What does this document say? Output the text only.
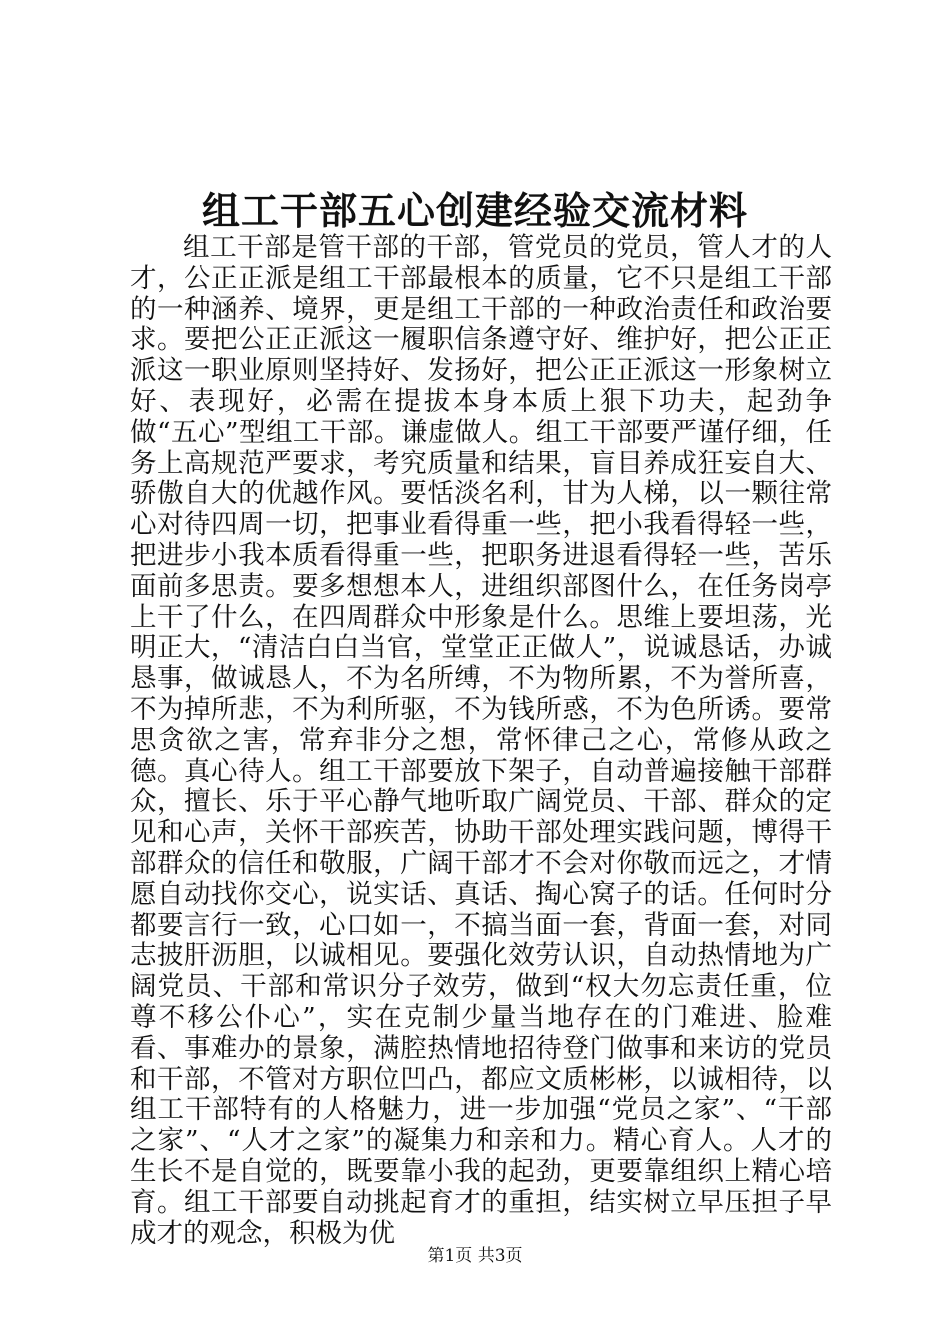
组工干部五心创建经验交流材料

组工干部是管干部的干部，管党员的党员，管人才的人才，公正正派是组工干部最根本的质量，它不只是组工干部的一种涵养、境界，更是组工干部的一种政治责任和政治要求。要把公正正派这一履职信条遵守好、维护好，把公正正派这一职业原则坚持好、发扬好，把公正正派这一形象树立好、表现好，必需在提拔本身本质上狠下功夫，起劲争做“五心”型组工干部。谦虚做人。组工干部要严谨仔细，任务上高规范严要求，考究质量和结果，盲目养成狂妄自大、骄傲自大的优越作风。要恬淡名利，甘为人梯，以一颗往常心对待四周一切，把事业看得重一些，把小我看得轻一些，把进步小我本质看得重一些，把职务进退看得轻一些，苦乐面前多思责。要多想想本人，进组织部图什么，在任务岗亭上干了什么，在四周群众中形象是什么。思维上要坦荡，光明正大，“清洁白白当官，堂堂正正做人”，说诚恳话，办诚恳事，做诚恳人，不为名所缚，不为物所累，不为誉所喜，不为掉所悲，不为利所驱，不为钱所惑，不为色所诱。要常思贪欲之害，常弃非分之想，常怀律己之心，常修从政之德。真心待人。组工干部要放下架子，自动普遍接触干部群众，擅长、乐于平心静气地听取广阔党员、干部、群众的定见和心声，关怀干部疾苦，协助干部处理实践问题，博得干部群众的信任和敬服，广阔干部才不会对你敬而远之，才情愿自动找你交心，说实话、真话、掏心窝子的话。任何时分都要言行一致，心口如一，不搞当面一套，背面一套，对同志披肝沥胆，以诚相见。要强化效劳认识，自动热情地为广阔党员、干部和常识分子效劳，做到“权大勿忘责任重，位尊不移公仆心”，实在克制少量当地存在的门难进、脸难看、事难办的景象，满腔热情地招待登门做事和来访的党员和干部，不管对方职位凹凸，都应文质彬彬，以诚相待，以组工干部特有的人格魅力，进一步加强“党员之家”、“干部之家”、“人才之家”的凝集力和亲和力。精心育人。人才的生长不是自觉的，既要靠小我的起劲，更要靠组织上精心培育。组工干部要自动挑起育才的重担，结实树立早压担子早成才的观念，积极为优

第1页 共3页
